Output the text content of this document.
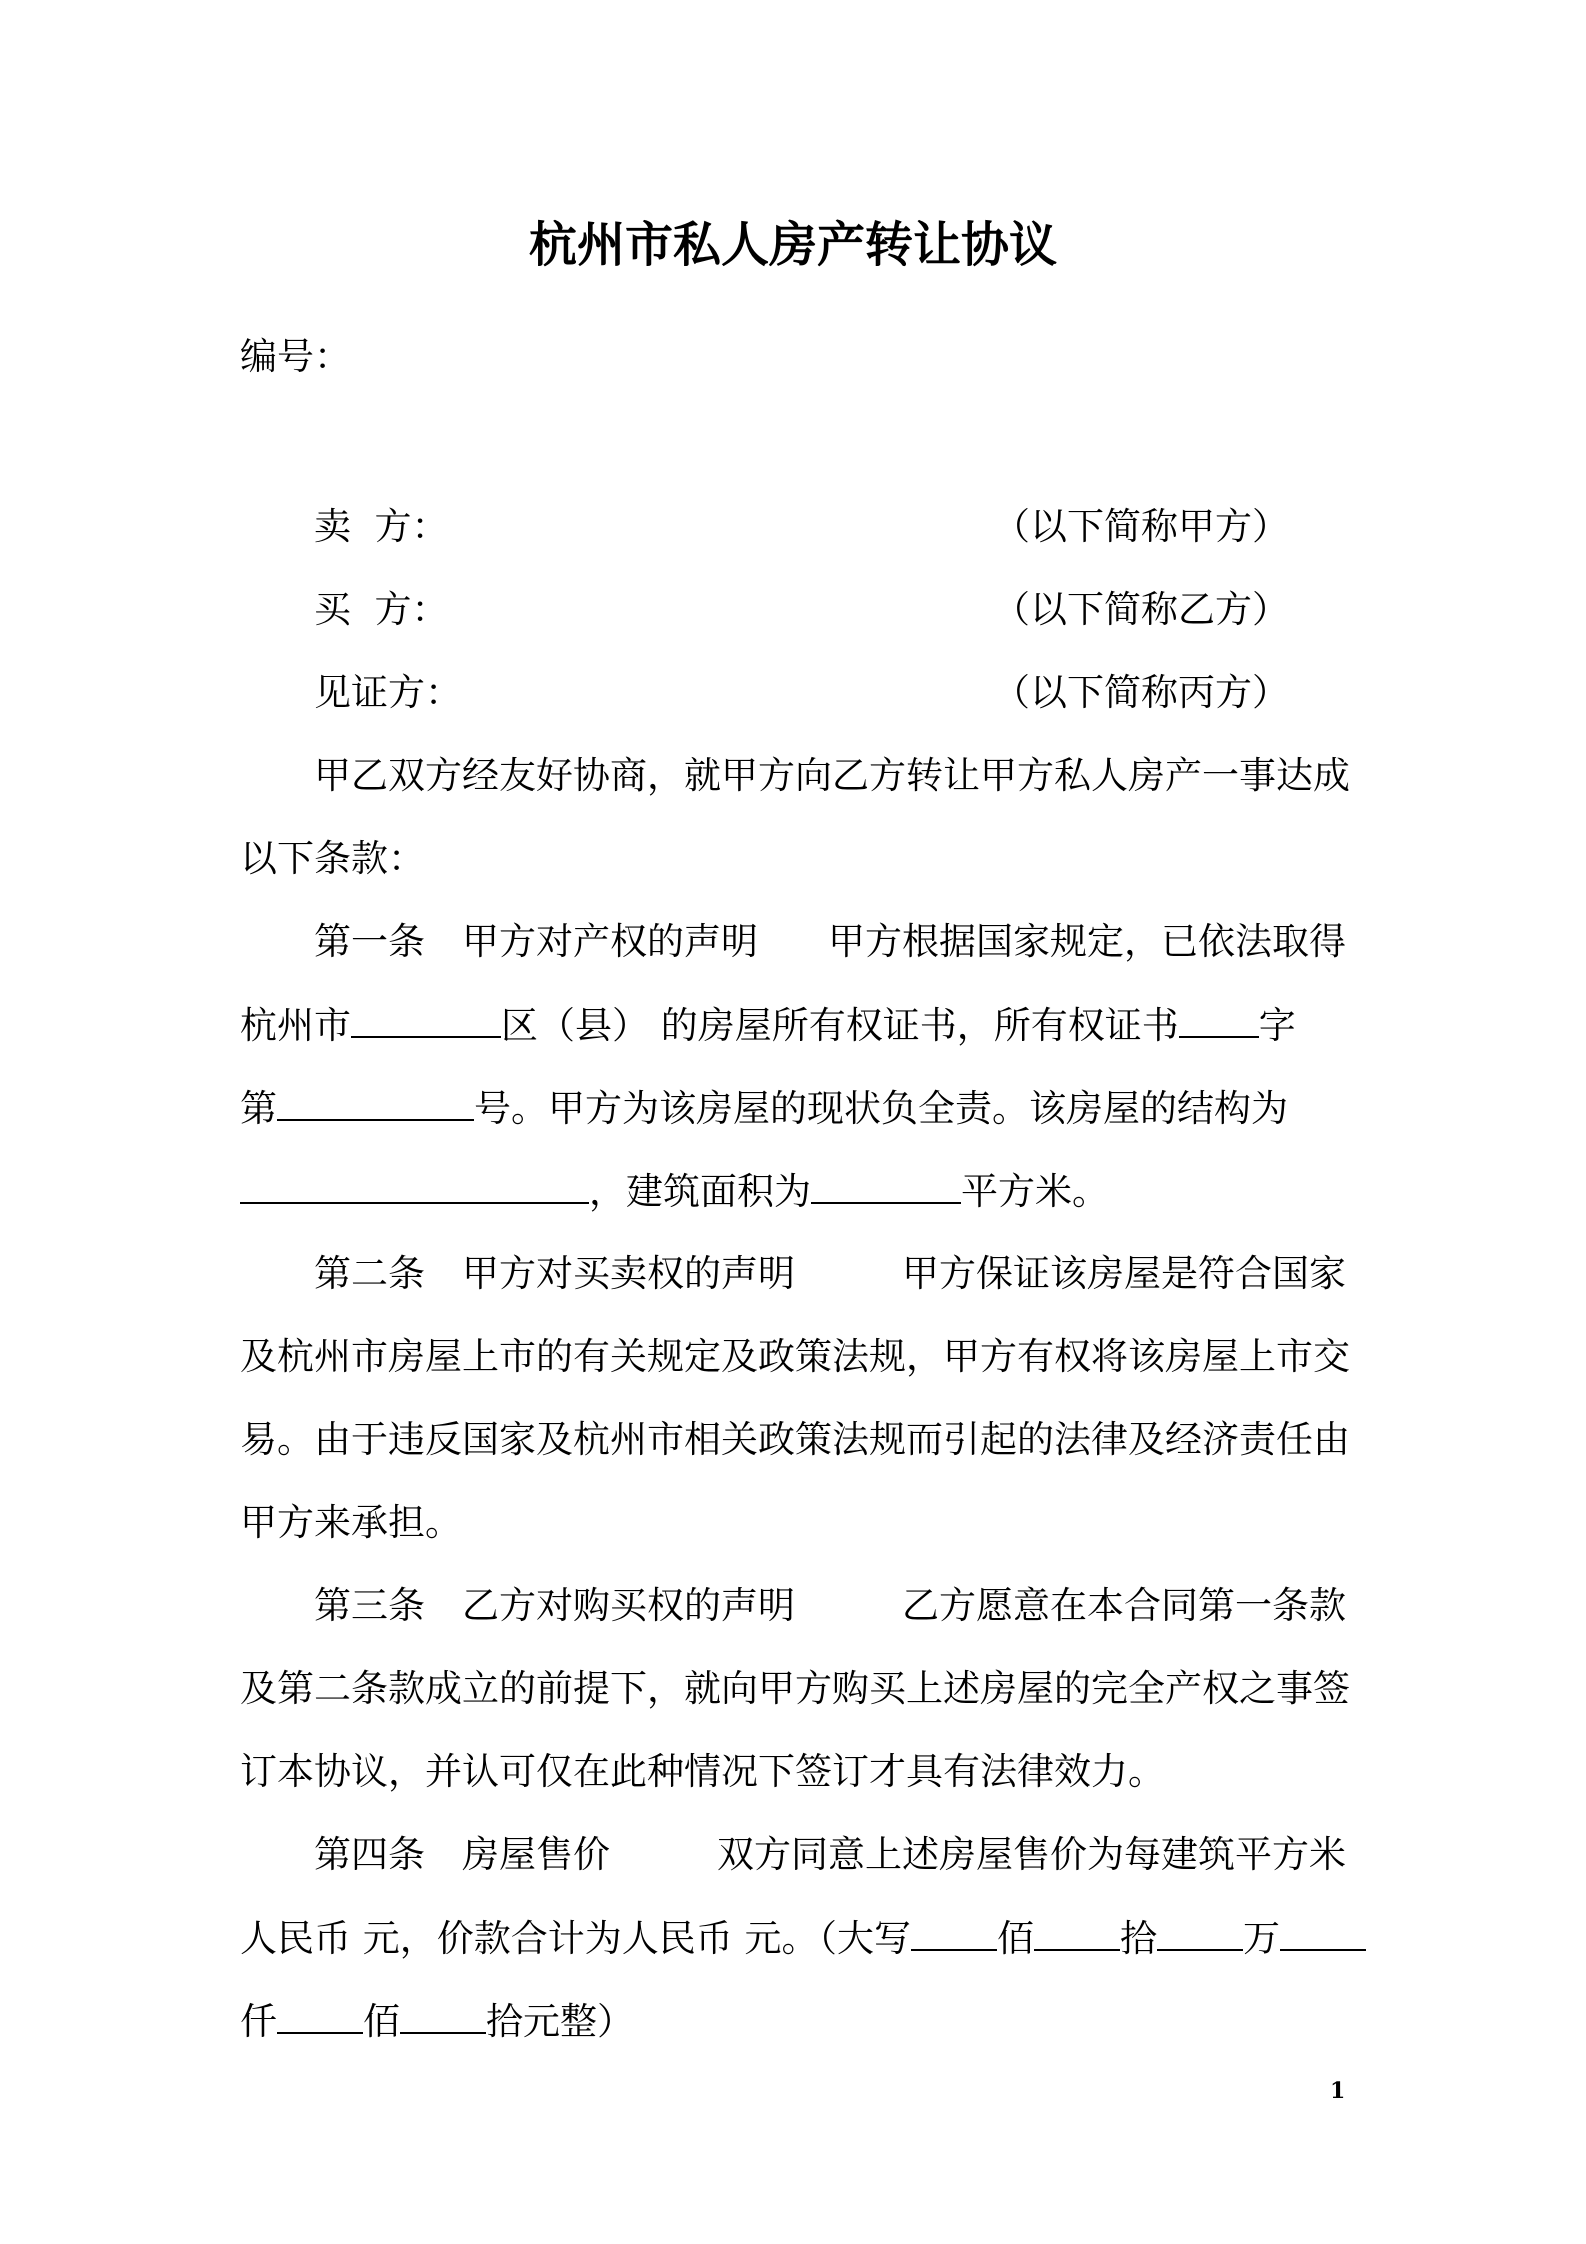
杭州市私人房产转让协议
编号：
卖  方：	（以下简称甲方）
买  方：	（以下简称乙方）
见证方：	（以下简称丙方）
甲乙双方经友好协商，就甲方向乙方转让甲方私人房产一事达成
以下条款：
第一条　甲方对产权的声明 甲方根据国家规定，已依法取得
杭州市	区（县） 的房屋所有权证书，所有权证书 字
第	号。甲方为该房屋的现状负全责。该房屋的结构为
，建筑面积为	平方米。
第二条　甲方对买卖权的声明	甲方保证该房屋是符合国家
及杭州市房屋上市的有关规定及政策法规，甲方有权将该房屋上市交
易。由于违反国家及杭州市相关政策法规而引起的法律及经济责任由
甲方来承担。
第三条　乙方对购买权的声明	乙方愿意在本合同第一条款
及第二条款成立的前提下，就向甲方购买上述房屋的完全产权之事签
订本协议，并认可仅在此种情况下签订才具有法律效力。
第四条　房屋售价	双方同意上述房屋售价为每建筑平方米
人民币 元，价款合计为人民币 元。（大写 佰 拾 万
仟 佰 拾元整）
1
